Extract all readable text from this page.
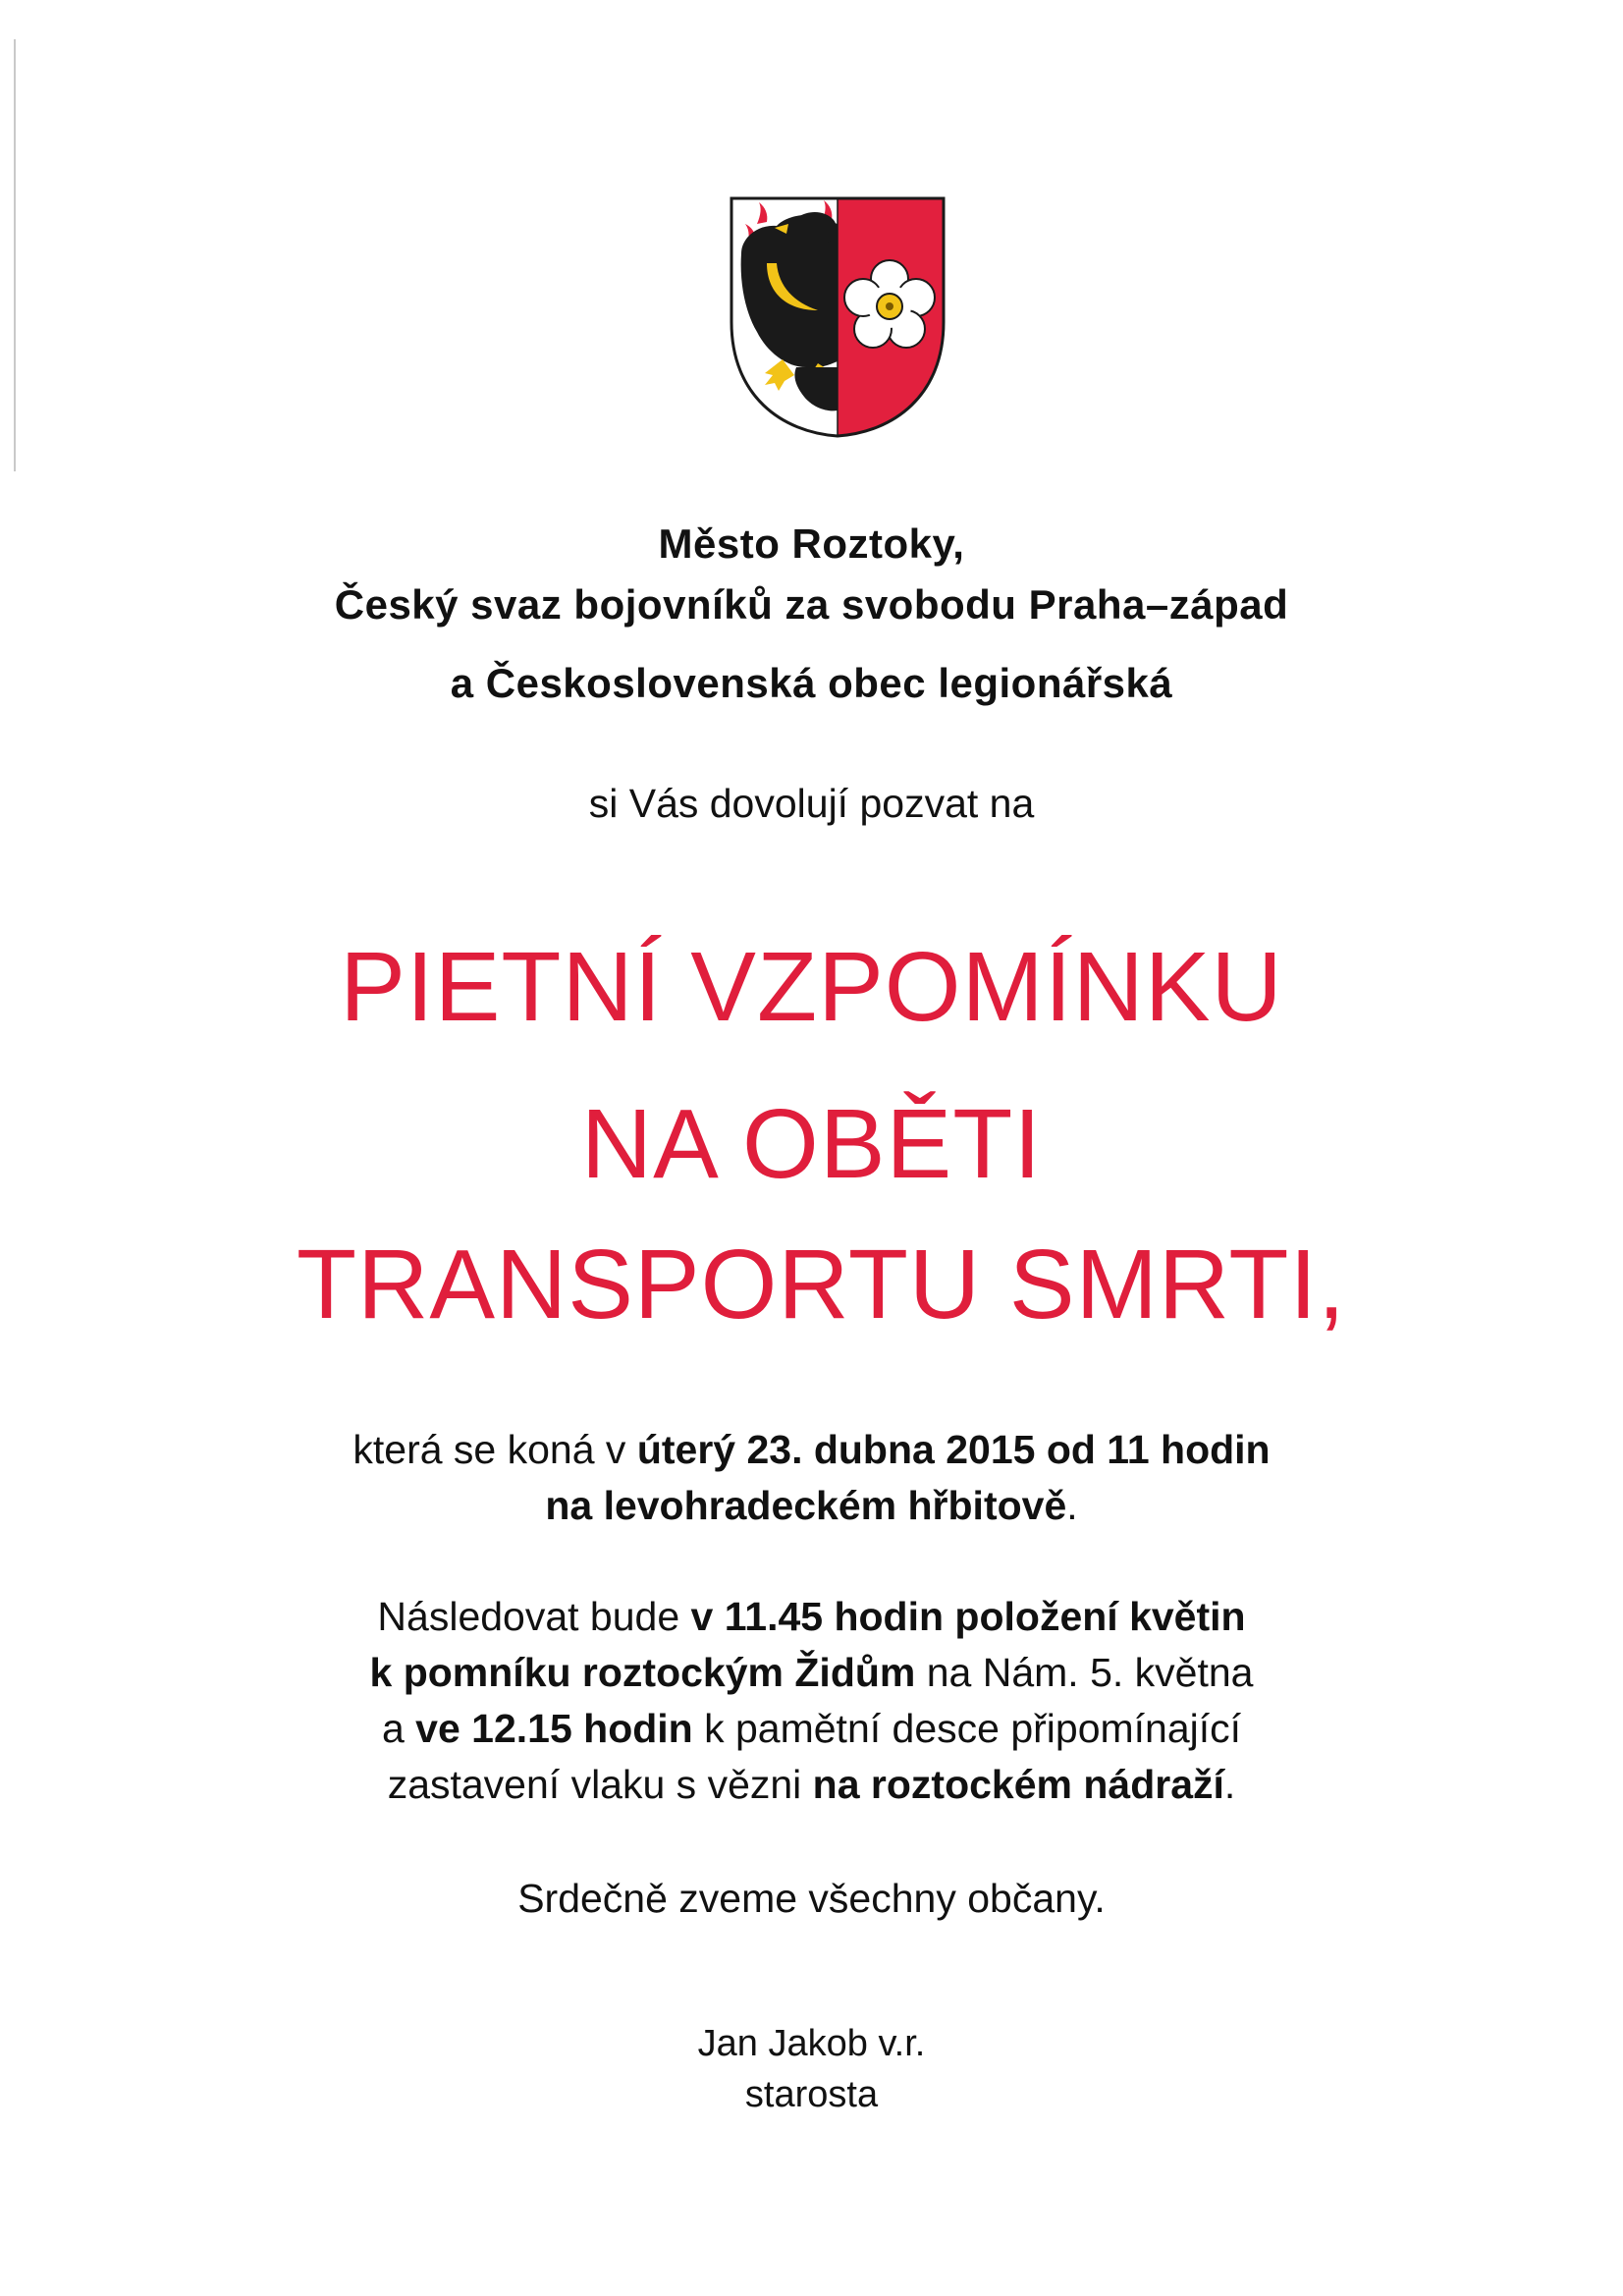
Město Roztoky,
Český svaz bojovníků za svobodu Praha–západ
a Československá obec legionářská
si Vás dovolují pozvat na
PIETNÍ VZPOMÍNKU
NA OBĚTI
TRANSPORTU SMRTI,
která se koná v úterý 23. dubna 2015 od 11 hodin
na levohradeckém hřbitově.
Následovat bude v 11.45 hodin položení květin
k pomníku roztockým Židům na Nám. 5. května
a ve 12.15 hodin k pamětní desce připomínající
zastavení vlaku s vězni na roztockém nádraží.
Srdečně zveme všechny občany.
Jan Jakob v.r.
starosta
